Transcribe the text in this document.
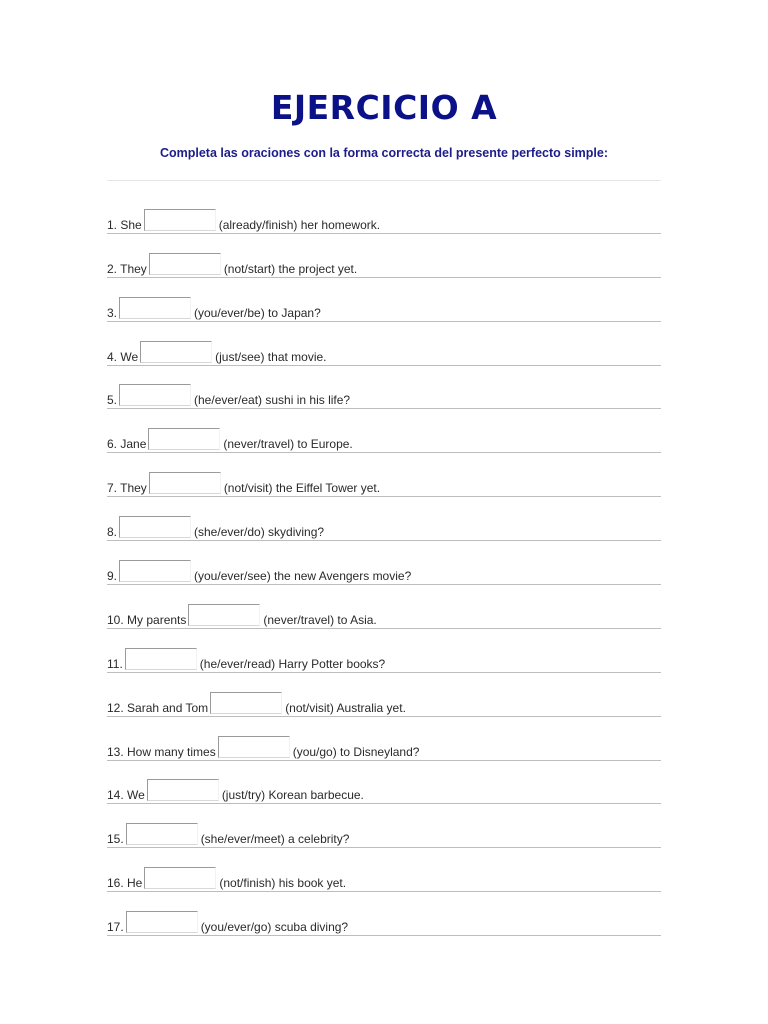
EJERCICIO A

Completa las oraciones con la forma correcta del presente perfecto simple:

1. She	(already/finish) her homework.
2. They	(not/start) the project yet.
3.	(you/ever/be) to Japan?
4. We	(just/see) that movie.
5.	(he/ever/eat) sushi in his life?
6. Jane	(never/travel) to Europe.
7. They	(not/visit) the Eiffel Tower yet.
8.	(she/ever/do) skydiving?
9.	(you/ever/see) the new Avengers movie?
10. My parents	(never/travel) to Asia.
11.	(he/ever/read) Harry Potter books?
12. Sarah and Tom	(not/visit) Australia yet.
13. How many times	(you/go) to Disneyland?
14. We	(just/try) Korean barbecue.
15.	(she/ever/meet) a celebrity?
16. He	(not/finish) his book yet.
17.	(you/ever/go) scuba diving?
